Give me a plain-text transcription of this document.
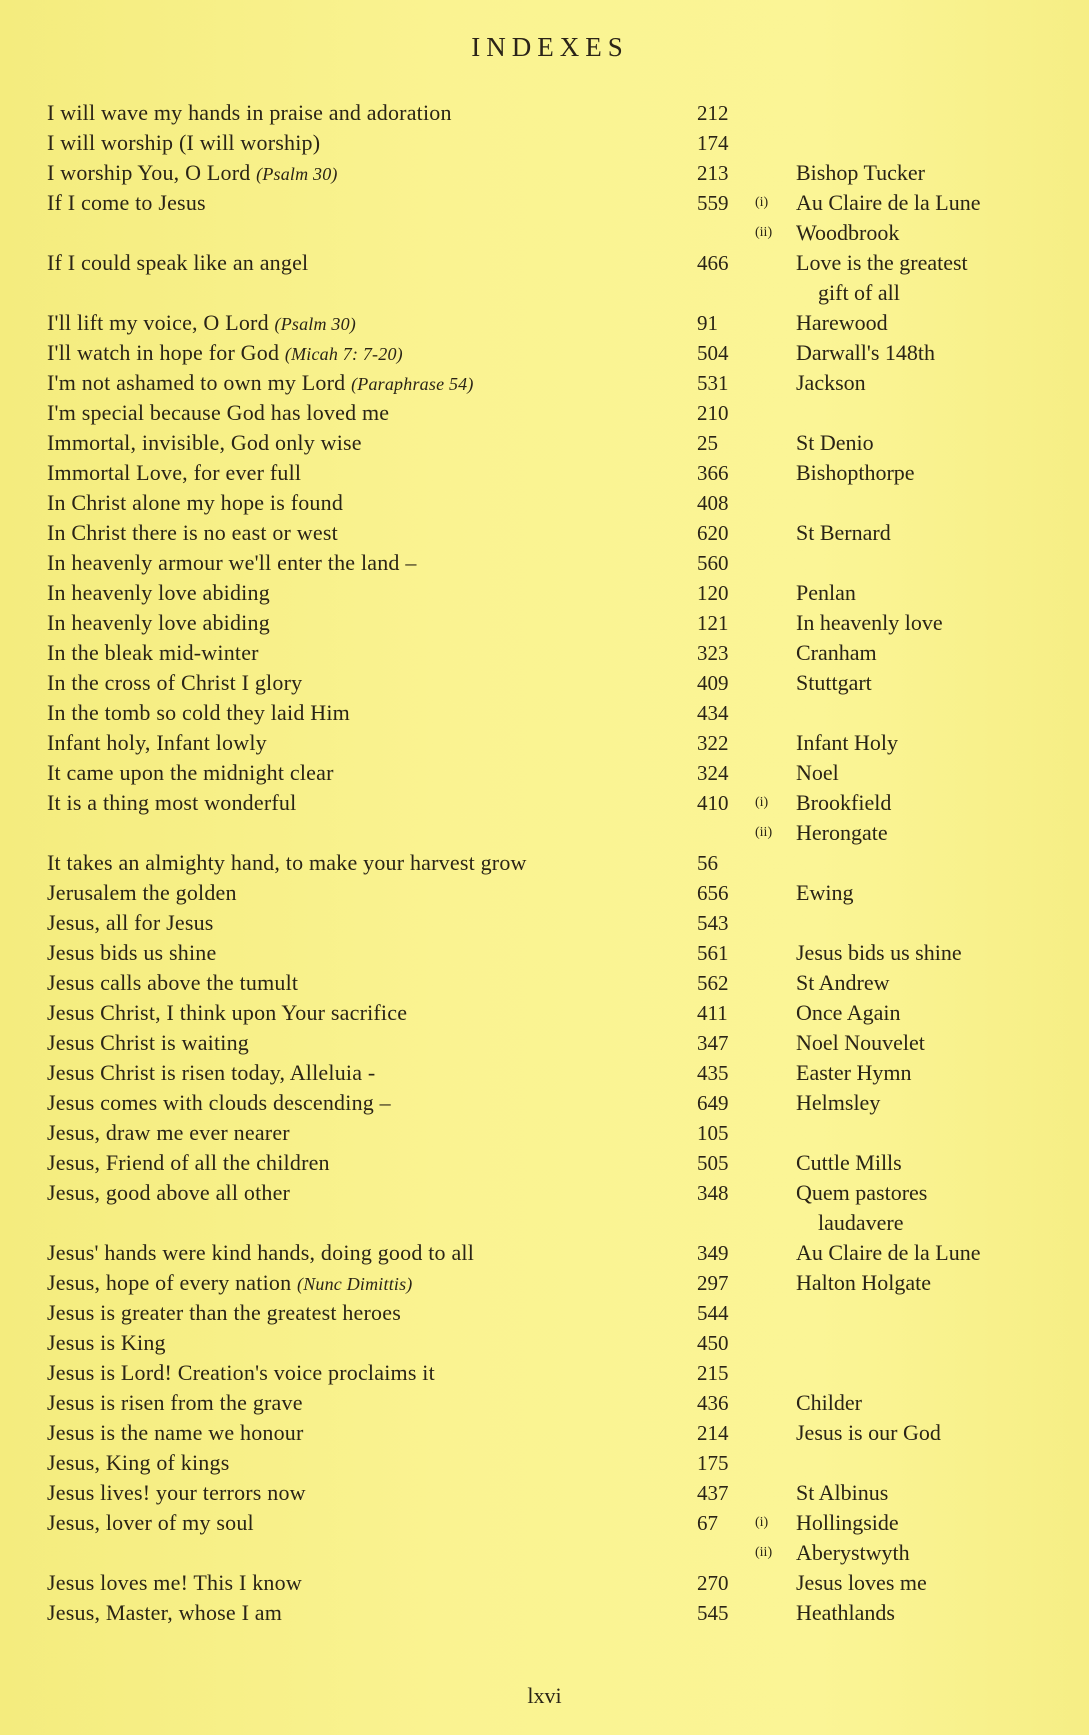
INDEXES
I will wave my hands in praise and adoration	212
I will worship (I will worship)	174
I worship You, O Lord (Psalm 30)	213	Bishop Tucker
If I come to Jesus	559 (i) Au Claire de la Lune
(ii) Woodbrook
If I could speak like an angel	466	Love is the greatest
gift of all
I'll lift my voice, O Lord (Psalm 30)	91	Harewood
I'll watch in hope for God (Micah 7: 7-20)	504	Darwall's 148th
I'm not ashamed to own my Lord (Paraphrase 54)	531	Jackson
I'm special because God has loved me	210
Immortal, invisible, God only wise	25	St Denio
Immortal Love, for ever full	366	Bishopthorpe
In Christ alone my hope is found	408
In Christ there is no east or west	620	St Bernard
In heavenly armour we'll enter the land –	560
In heavenly love abiding	120	Penlan
In heavenly love abiding	121	In heavenly love
In the bleak mid-winter	323	Cranham
In the cross of Christ I glory	409	Stuttgart
In the tomb so cold they laid Him	434
Infant holy, Infant lowly	322	Infant Holy
It came upon the midnight clear	324	Noel
It is a thing most wonderful	410 (i) Brookfield
(ii) Herongate
It takes an almighty hand, to make your harvest grow	56
Jerusalem the golden	656	Ewing
Jesus, all for Jesus	543
Jesus bids us shine	561	Jesus bids us shine
Jesus calls above the tumult	562	St Andrew
Jesus Christ, I think upon Your sacrifice	411	Once Again
Jesus Christ is waiting	347	Noel Nouvelet
Jesus Christ is risen today, Alleluia -	435	Easter Hymn
Jesus comes with clouds descending –	649	Helmsley
Jesus, draw me ever nearer	105
Jesus, Friend of all the children	505	Cuttle Mills
Jesus, good above all other	348	Quem pastores
laudavere
Jesus' hands were kind hands, doing good to all	349	Au Claire de la Lune
Jesus, hope of every nation (Nunc Dimittis)	297	Halton Holgate
Jesus is greater than the greatest heroes	544
Jesus is King	450
Jesus is Lord! Creation's voice proclaims it	215
Jesus is risen from the grave	436	Childer
Jesus is the name we honour	214	Jesus is our God
Jesus, King of kings	175
Jesus lives! your terrors now	437	St Albinus
Jesus, lover of my soul	67	(i) Hollingside
(ii) Aberystwyth
Jesus loves me! This I know	270	Jesus loves me
Jesus, Master, whose I am	545	Heathlands
lxvi
